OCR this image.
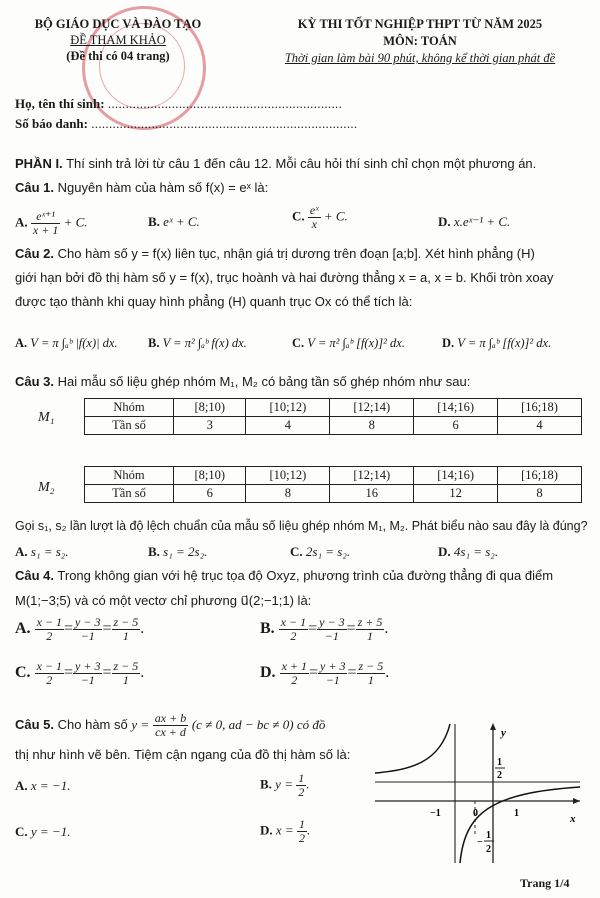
BỘ GIÁO DỤC VÀ ĐÀO TẠO
ĐỀ THAM KHẢO
(Đề thi có 04 trang)
KỲ THI TỐT NGHIỆP THPT TỪ NĂM 2025
MÔN: TOÁN
Thời gian làm bài 90 phút, không kể thời gian phát đề
Họ, tên thí sinh: ..................................................................
Số báo danh: ...........................................................................
PHẦN I. Thí sinh trả lời từ câu 1 đến câu 12. Mỗi câu hỏi thí sinh chỉ chọn một phương án.
Câu 1. Nguyên hàm của hàm số f(x) = eˣ là:
A. $\frac{\text{eˣ⁺¹}}{x + 1} + C$.	B. eˣ + C.	C. $\frac{\text{eˣ}}{x} + C$.	D. x.eˣ⁻¹ + C.
Câu 2. Cho hàm số y = f(x) liên tục, nhận giá trị dương trên đoạn [a;b]. Xét hình phẳng (H)
giới hạn bởi đồ thị hàm số y = f(x), trục hoành và hai đường thẳng x = a, x = b. Khối tròn xoay
được tạo thành khi quay hình phẳng (H) quanh trục Ox có thể tích là:
A. V = π ∫ₐᵇ |f(x)| dx. B. V = π² ∫ₐᵇ f(x) dx.	C. V = π² ∫ₐᵇ [f(x)]² dx.	D. V = π ∫ₐᵇ [f(x)]² dx.
Câu 3. Hai mẫu số liệu ghép nhóm M₁, M₂ có bảng tần số ghép nhóm như sau:
M₁
Nhóm	[8;10)	[10;12)	[12;14)	[14;16)	[16;18)
Tần số	3	4	8	6	4
M₂
Nhóm	[8;10)	[10;12)	[12;14)	[14;16)	[16;18)
Tần số	6	8	16	12	8
Gọi s₁, s₂ lần lượt là độ lệch chuẩn của mẫu số liệu ghép nhóm M₁, M₂. Phát biểu nào sau đây là đúng?
A. s₁ = s₂.	B. s₁ = 2s₂.	C. 2s₁ = s₂.	D. 4s₁ = s₂.
Câu 4. Trong không gian với hệ trục tọa độ Oxyz, phương trình của đường thẳng đi qua điểm
M(1;−3;5) và có một vectơ chỉ phương u⃗(2;−1;1) là:
A. $\frac{x - 1}{2} = \frac{y - 3}{-1} = \frac{z - 5}{1}$ .	B. $\frac{x - 1}{2} = \frac{y - 3}{-1} = \frac{z + 5}{1}$ .
C. $\frac{x - 1}{2} = \frac{y + 3}{-1} = \frac{z - 5}{1}$ .	D. $\frac{x + 1}{2} = \frac{y + 3}{-1} = \frac{z - 5}{1}$ .
Câu 5. Cho hàm số $y = \frac{ax + b}{cx + d} (c \ne 0$, ad − bc ≠ 0) có đồ
thị như hình vẽ bên. Tiệm cận ngang của đồ thị hàm số là:
A. x = −1.	B. $y = \frac{1}{2}$ .
C. y = −1.	D. $x = \frac{1}{2}$ .
y
x
0
−1	1
1
2
−
1
2
Trang 1/4
